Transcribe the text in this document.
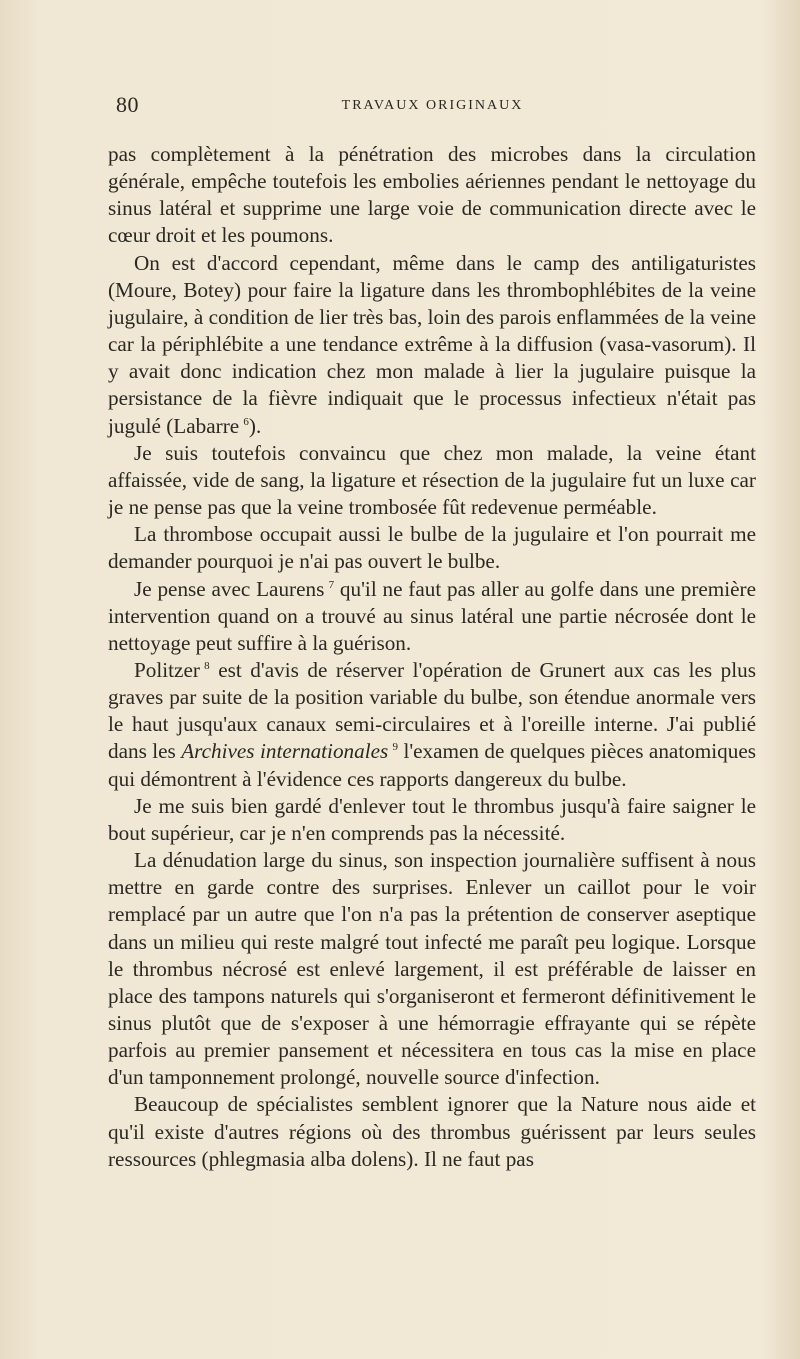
80	TRAVAUX ORIGINAUX

pas complètement à la pénétration des microbes dans la circulation générale, empêche toutefois les embolies aériennes pendant le nettoyage du sinus latéral et supprime une large voie de communication directe avec le cœur droit et les poumons.

On est d'accord cependant, même dans le camp des antiligaturistes (Moure, Botey) pour faire la ligature dans les thrombophlébites de la veine jugulaire, à condition de lier très bas, loin des parois enflammées de la veine car la périphlébite a une tendance extrême à la diffusion (vasa-vasorum). Il y avait donc indication chez mon malade à lier la jugulaire puisque la persistance de la fièvre indiquait que le processus infectieux n'était pas jugulé (Labarre  $^6$).

Je suis toutefois convaincu que chez mon malade, la veine étant affaissée, vide de sang, la ligature et résection de la jugulaire fut un luxe car je ne pense pas que la veine trombosée fût redevenue perméable.

La thrombose occupait aussi le bulbe de la jugulaire et l'on pourrait me demander pourquoi je n'ai pas ouvert le bulbe.

Je pense avec Laurens  $^7$ qu'il ne faut pas aller au golfe dans une première intervention quand on a trouvé au sinus latéral une partie nécrosée dont le nettoyage peut suffire à la guérison.

Politzer  $^8$ est d'avis de réserver l'opération de Grunert aux cas les plus graves par suite de la position variable du bulbe, son étendue anormale vers le haut jusqu'aux canaux semi-circulaires et à l'oreille interne. J'ai publié dans les Archives internationales  $^9$ l'examen de quelques pièces anatomiques qui démontrent à l'évidence ces rapports dangereux du bulbe.

Je me suis bien gardé d'enlever tout le thrombus jusqu'à faire saigner le bout supérieur, car je n'en comprends pas la nécessité.

La dénudation large du sinus, son inspection journalière suffisent à nous mettre en garde contre des surprises. Enlever un caillot pour le voir remplacé par un autre que l'on n'a pas la prétention de conserver aseptique dans un milieu qui reste malgré tout infecté me paraît peu logique. Lorsque le thrombus nécrosé est enlevé largement, il est préférable de laisser en place des tampons naturels qui s'organiseront et fermeront définitivement le sinus plutôt que de s'exposer à une hémorragie effrayante qui se répète parfois au premier pansement et nécessitera en tous cas la mise en place d'un tamponnement prolongé, nouvelle source d'infection.

Beaucoup de spécialistes semblent ignorer que la Nature nous aide et qu'il existe d'autres régions où des thrombus guérissent par leurs seules ressources (phlegmasia alba dolens). Il ne faut pas
